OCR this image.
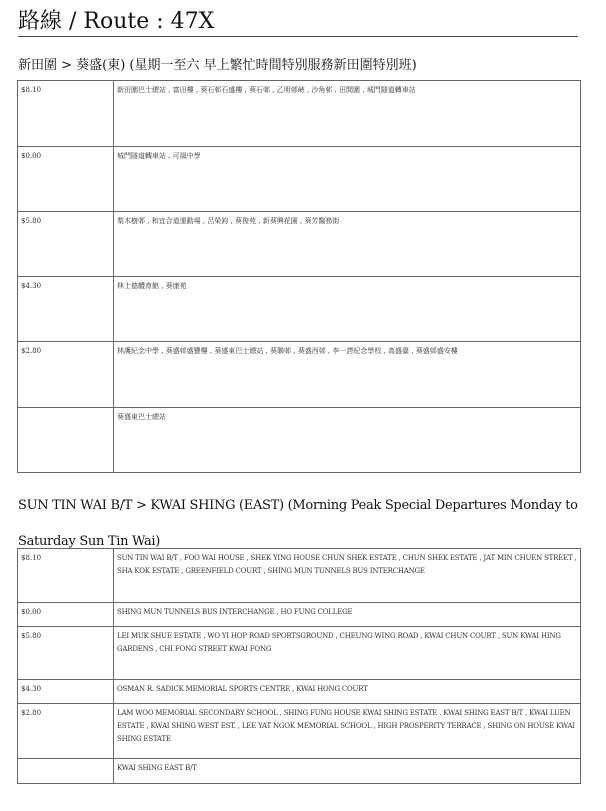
路線 / Route : 47X
新田圍 > 葵盛(東) (星期一至六 早上繁忙時間特別服務新田圍特別班)
$8.10	新田圍巴士總站 , 富田樓 , 葵石邨石盛樓 , 葵石邨 , 乙明邨峽 , 沙角邨 , 田間圍 , 城門隧道轉車站
$0.00	城門隧道轉車站 , 可風中學
$5.80	梨木樹邨 , 和宜合道運動場 , 呂榮鈞 , 葵俊苑 , 新葵興花園 , 葵芳醫務街
$4.30	林士德體育館 , 葵康苑
$2.80	林護紀念中學 , 葵盛邨盛豐樓 , 葵盛東巴士總站 , 葵聯邨 , 葵盛西邨 , 李一諤紀念學校 , 高盛臺 , 葵盛邨盛安樓
	葵盛東巴士總站
SUN TIN WAI B/T > KWAI SHING (EAST) (Morning Peak Special Departures Monday to Saturday Sun Tin Wai)
$8.10	SUN TIN WAI B/T , FOO WAI HOUSE , SHEK YING HOUSE CHUN SHEK ESTATE , CHUN SHEK ESTATE , JAT MIN CHUEN STREET , SHA KOK ESTATE , GREENFIELD COURT , SHING MUN TUNNELS BUS INTERCHANGE
$0.00	SHING MUN TUNNELS BUS INTERCHANGE , HO FUNG COLLEGE
$5.80	LEI MUK SHUE ESTATE , WO YI HOP ROAD SPORTSGROUND , CHEUNG WING ROAD , KWAI CHUN COURT , SUN KWAI HING GARDENS , CHI FONG STREET KWAI FONG
$4.30	OSMAN R. SADICK MEMORIAL SPORTS CENTRE , KWAI HONG COURT
$2.80	LAM WOO MEMORIAL SECONDARY SCHOOL , SHING FUNG HOUSE KWAI SHING ESTATE , KWAI SHING EAST B/T , KWAI LUEN ESTATE , KWAI SHING WEST EST. , LEE YAT NGOK MEMORIAL SCHOOL , HIGH PROSPERITY TERRACE , SHING ON HOUSE KWAI SHING ESTATE
	KWAI SHING EAST B/T
